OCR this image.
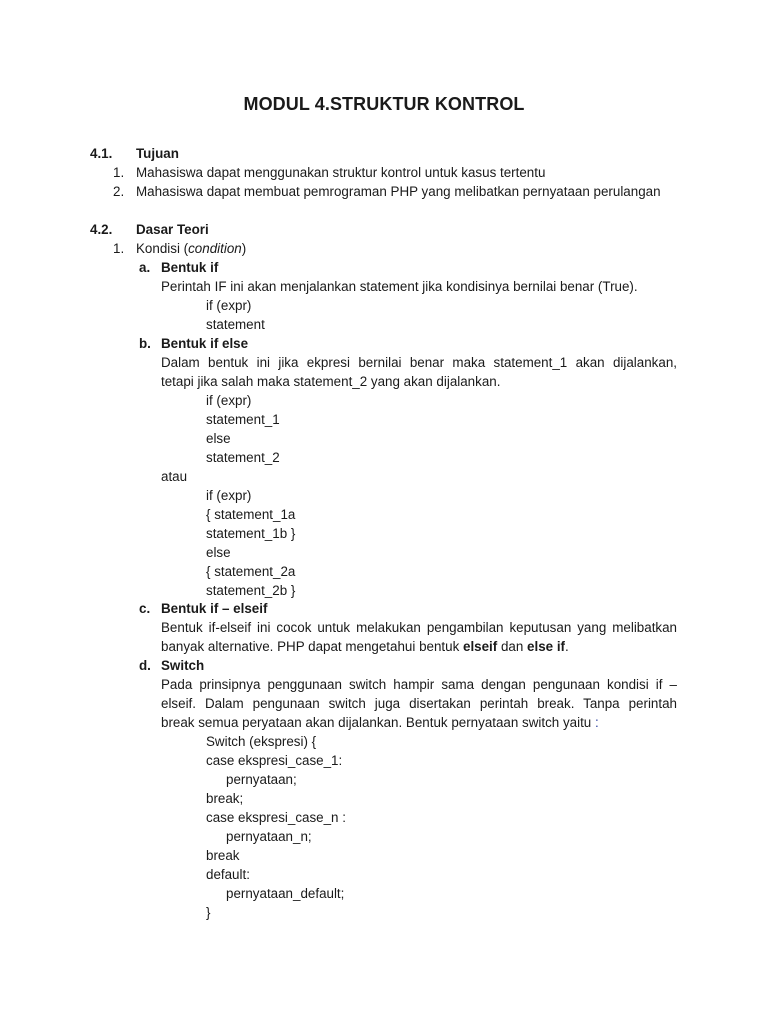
MODUL 4.STRUKTUR KONTROL
4.1. Tujuan
1. Mahasiswa dapat menggunakan struktur kontrol untuk kasus tertentu
2. Mahasiswa dapat membuat pemrograman PHP yang melibatkan pernyataan perulangan
4.2. Dasar Teori
1. Kondisi (condition)
a. Bentuk if
Perintah IF ini akan menjalankan statement jika kondisinya bernilai benar (True).
if (expr)
statement
b. Bentuk if else
Dalam bentuk ini jika ekpresi bernilai benar maka statement_1 akan dijalankan,
tetapi jika salah maka statement_2 yang akan dijalankan.
if (expr)
statement_1
else
statement_2
atau
if (expr)
{ statement_1a
statement_1b }
else
{ statement_2a
statement_2b }
c. Bentuk if – elseif
Bentuk if-elseif ini cocok untuk melakukan pengambilan keputusan yang melibatkan
banyak alternative. PHP dapat mengetahui bentuk elseif dan else if.
d. Switch
Pada prinsipnya penggunaan switch hampir sama dengan pengunaan kondisi if –
elseif. Dalam pengunaan switch juga disertakan perintah break. Tanpa perintah
break semua peryataan akan dijalankan. Bentuk pernyataan switch yaitu :
Switch (ekspresi) {
case ekspresi_case_1:
pernyataan;
break;
case ekspresi_case_n :
pernyataan_n;
break
default:
pernyataan_default;
}
